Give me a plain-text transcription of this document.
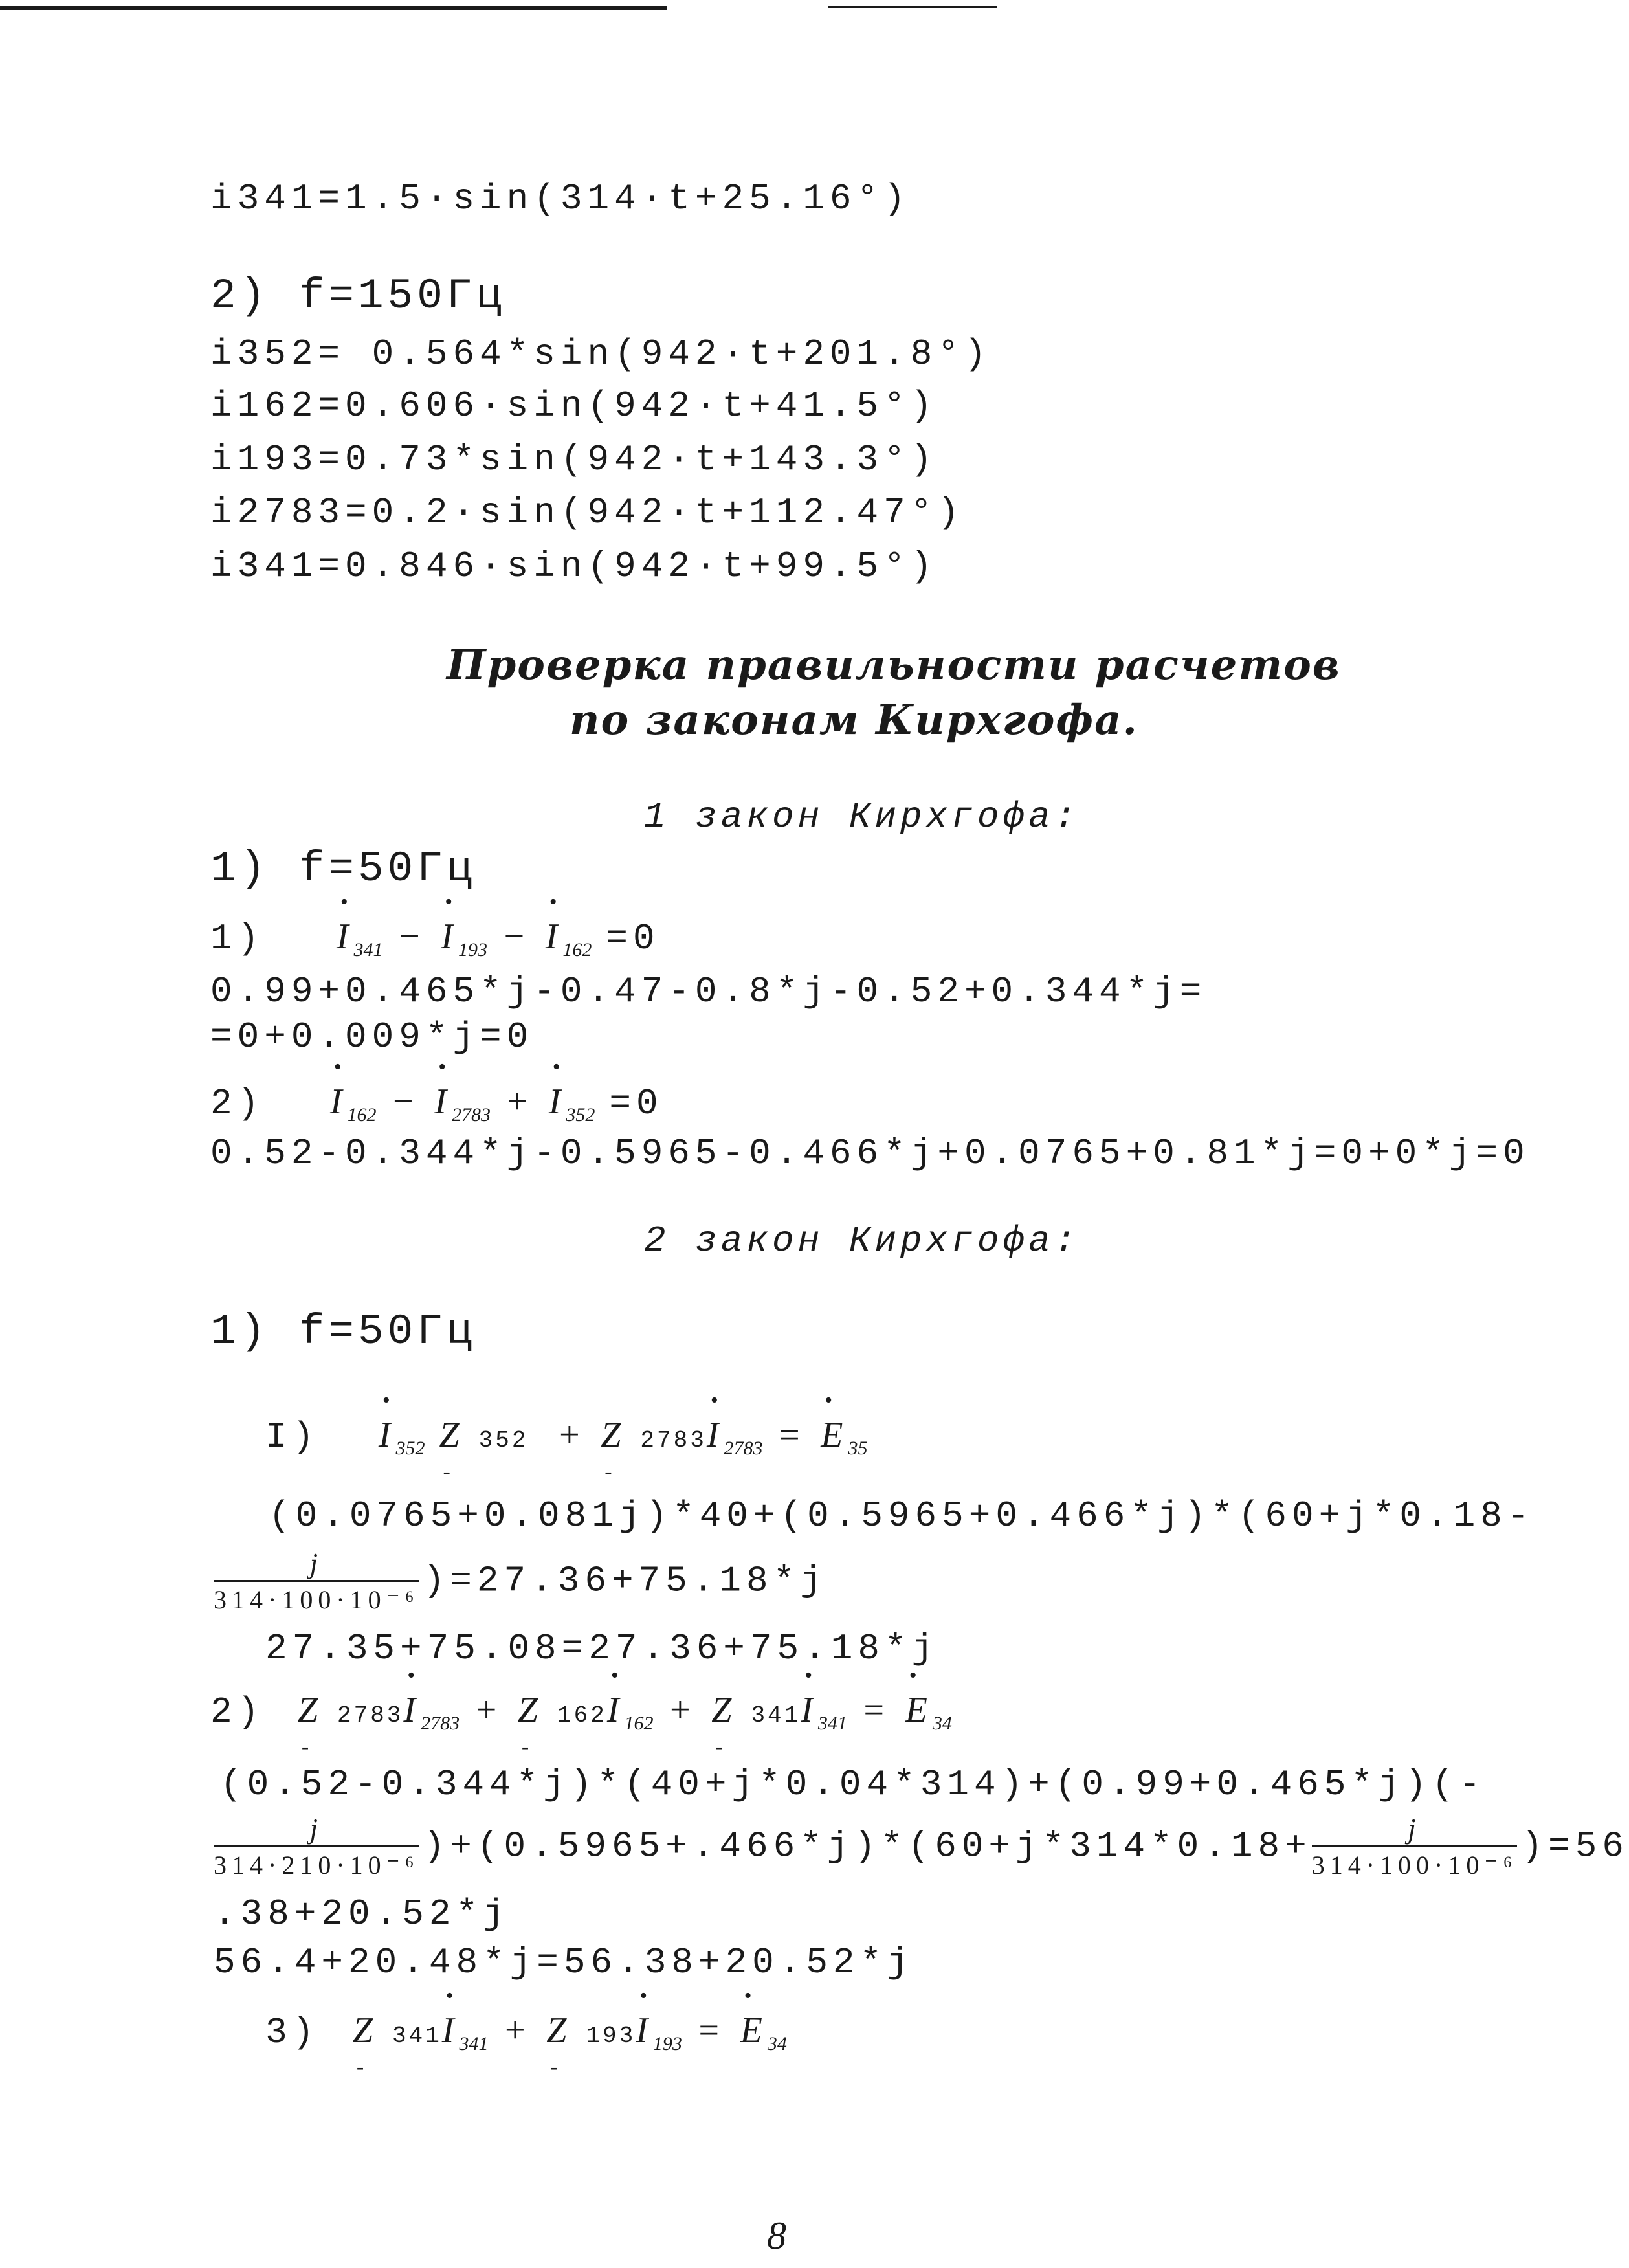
i341=1.5·sin(314·t+25.16°)
2) f=150Гц
i352= 0.564*sin(942·t+201.8°)
i162=0.606·sin(942·t+41.5°)
i193=0.73*sin(942·t+143.3°)
i2783=0.2·sin(942·t+112.47°)
i341=0.846·sin(942·t+99.5°)
Проверка правильности расчетов
по законам Кирхгофа.
1 закон Кирхгофа:
1) f=50Гц
1) • $I_{341}$ − • $I_{193}$ − • $I_{162} =0$
0.99+0.465*j-0.47-0.8*j-0.52+0.344*j=
=0+0.009*j=0
2) • $I_{162}$ − • $I_{2783}$ + • $I_{352} =0$
0.52-0.344*j-0.5965-0.466*j+0.0765+0.81*j=0+0*j=0
2 закон Кирхгофа:
1) f=50Гц
I) • $I_{352}$ Z - 352  + Z - 2783• $I_{2783}$ = • $E_{35}$
(0.0765+0.081j)*40+(0.5965+0.466*j)*(60+j*0.18-
$\frac{j}{\text{314·100·10⁻⁶}} )=27.36+75.18*j$
27.35+75.08=27.36+75.18*j
2) Z - 2783• $I_{2783} + Z$ - 162• $I_{162} + Z$ - 341• $I_{341}$ = • $E_{34}$
(0.52-0.344*j)*(40+j*0.04*314)+(0.99+0.465*j)(-
$\frac{j}{\text{314·210·10⁻⁶}} )+(0.5965+.466*j)*(60+j*314*0.18+ \frac{j}{\text{314·100·10⁻⁶}} )=56$
.38+20.52*j
56.4+20.48*j=56.38+20.52*j
3) Z - 341• $I_{341} + Z$ - 193• $I_{193}$ = • $E_{34}$
8
